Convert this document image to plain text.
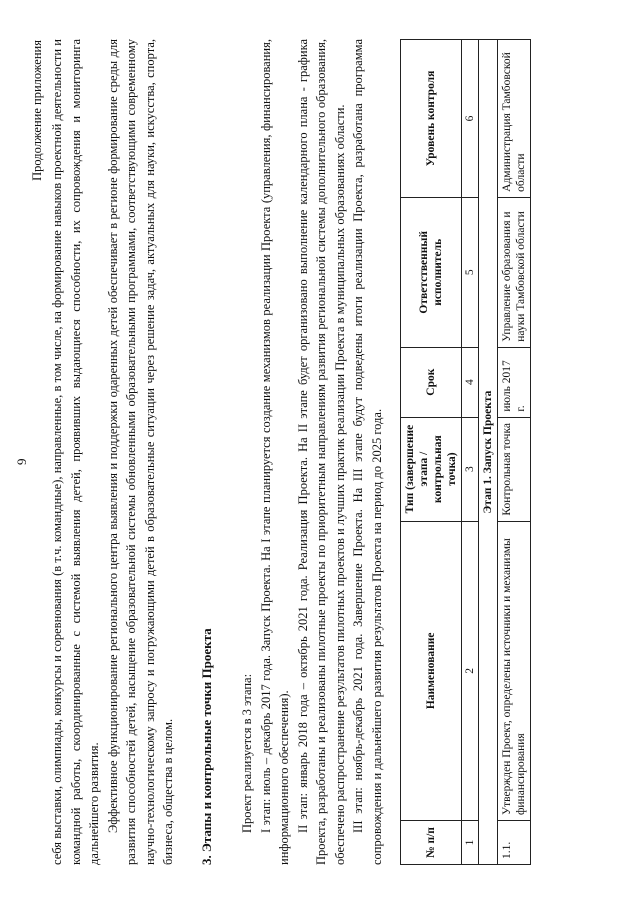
9
Продолжение приложения себя выставки, олимпиады, конкурсы и соревнования (в т.ч. командные), направленные, в том числе, на формирование навыков проектной деятельности и командной работы, скоординированные с системой выявления детей, проявивших выдающиеся способности, их сопровождения и мониторинга дальнейшего развития. Эффективное функционирование регионального центра выявления и поддержки одаренных детей обеспечивает в регионе формирование среды для развития способностей детей, насыщение образовательной системы обновленными образовательными программами, соответствующими современному научно-технологическому запросу и погружающими детей в образовательные ситуации через решение задач, актуальных для науки, искусства, спорта, бизнеса, общества в целом. 3. Этапы и контрольные точки Проекта Проект реализуется в 3 этапа: I этап: июль – декабрь 2017 года. Запуск Проекта. На I этапе планируется создание механизмов реализации Проекта (управления, финансирования, информационного обеспечения). II этап: январь 2018 года – октябрь 2021 года. Реализация Проекта. На II этапе будет организовано выполнение календарного плана - графика Проекта, разработаны и реализованы пилотные проекты по приоритетным направлениям развития региональной системы дополнительного образования, обеспечено распространение результатов пилотных проектов и лучших практик реализации Проекта в муниципальных образованиях области. III этап: ноябрь-декабрь 2021 года. Завершение Проекта. На III этапе будут подведены итоги реализации Проекта, разработана программа сопровождения и дальнейшего развития результатов Проекта на период до 2025 года.	№ п/п	Наименование	Тип (завершение этапа / контрольная точка)	Срок	Ответственный исполнитель	Уровень контроля
1	2	3	4	5	6
Этап 1. Запуск Проекта					
1.1.	Утвержден Проект, определены источники и механизмы финансирования	Контрольная точка	июль 2017 г.	Управление образования и науки Тамбовской области	Администрация Тамбовской области
